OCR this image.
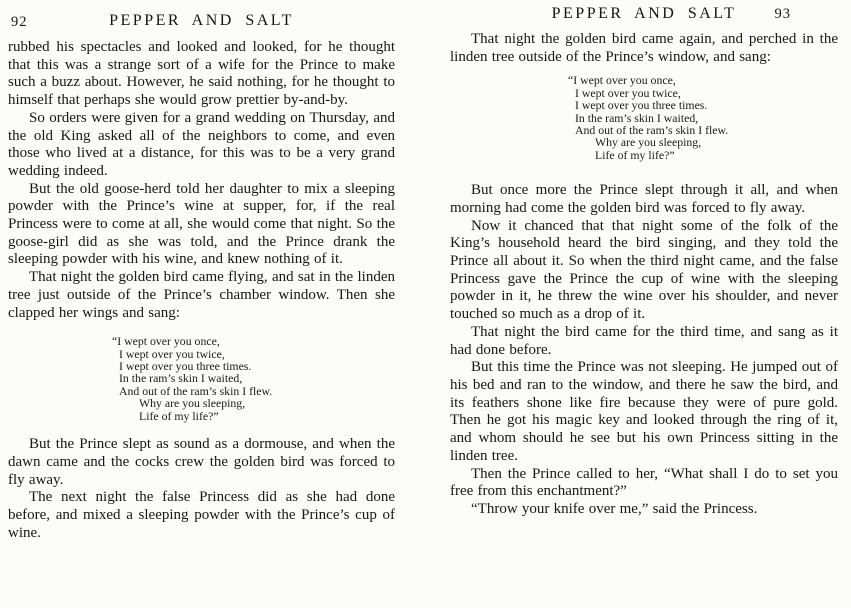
92	PEPPER AND SALT

rubbed his spectacles and looked and looked, for he thought that this was a strange sort of a wife for the Prince to make such a buzz about. However, he said nothing, for he thought to himself that perhaps she would grow prettier by-and-by.

So orders were given for a grand wedding on Thursday, and the old King asked all of the neighbors to come, and even those who lived at a distance, for this was to be a very grand wedding indeed.

But the old goose-herd told her daughter to mix a sleeping powder with the Prince’s wine at supper, for, if the real Princess were to come at all, she would come that night. So the goose-girl did as she was told, and the Prince drank the sleeping powder with his wine, and knew nothing of it.

That night the golden bird came flying, and sat in the linden tree just outside of the Prince’s chamber window. Then she clapped her wings and sang:

“I wept over you once,
I wept over you twice,
I wept over you three times.
In the ram’s skin I waited,
And out of the ram’s skin I flew.
Why are you sleeping,
Life of my life?”

But the Prince slept as sound as a dormouse, and when the dawn came and the cocks crew the golden bird was forced to fly away.

The next night the false Princess did as she had done before, and mixed a sleeping powder with the Prince’s cup of wine.

PEPPER AND SALT	93

That night the golden bird came again, and perched in the linden tree outside of the Prince’s window, and sang:

“I wept over you once,
I wept over you twice,
I wept over you three times.
In the ram’s skin I waited,
And out of the ram’s skin I flew.
Why are you sleeping,
Life of my life?”

But once more the Prince slept through it all, and when morning had come the golden bird was forced to fly away.

Now it chanced that that night some of the folk of the King’s household heard the bird singing, and they told the Prince all about it. So when the third night came, and the false Princess gave the Prince the cup of wine with the sleeping powder in it, he threw the wine over his shoulder, and never touched so much as a drop of it.

That night the bird came for the third time, and sang as it had done before.

But this time the Prince was not sleeping. He jumped out of his bed and ran to the window, and there he saw the bird, and its feathers shone like fire because they were of pure gold. Then he got his magic key and looked through the ring of it, and whom should he see but his own Princess sitting in the linden tree.

Then the Prince called to her, “What shall I do to set you free from this enchantment?”

“Throw your knife over me,” said the Princess.
